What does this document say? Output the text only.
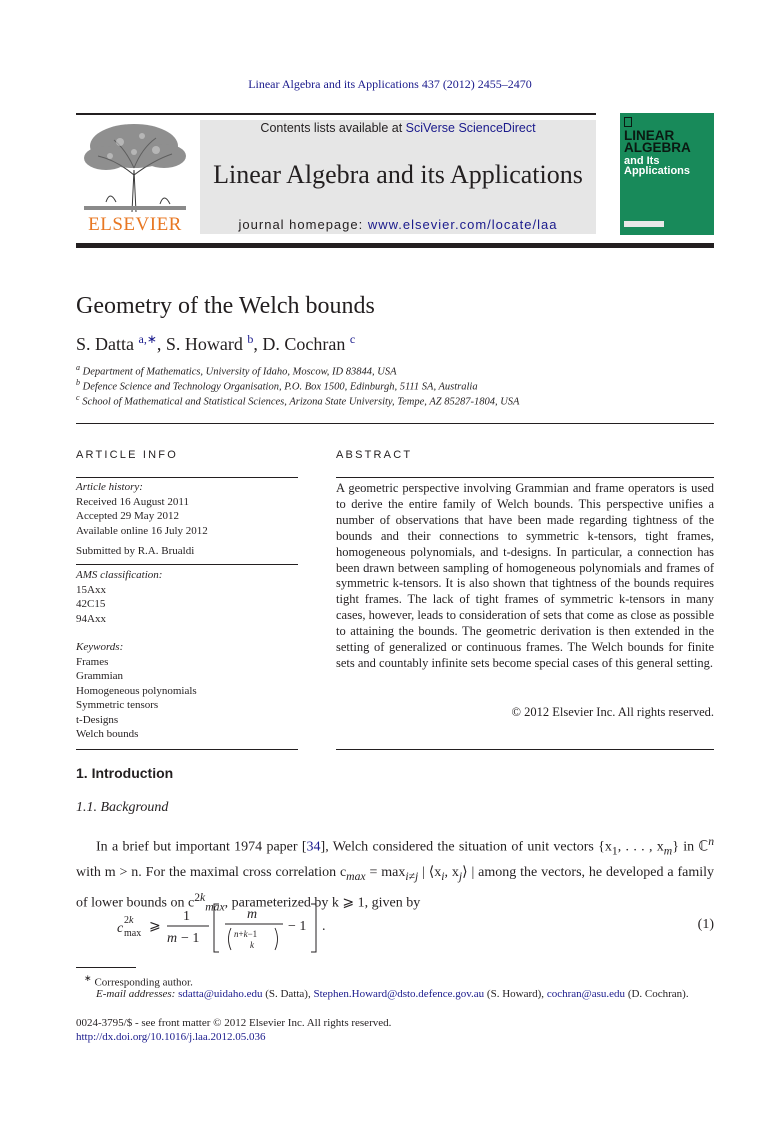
Linear Algebra and its Applications 437 (2012) 2455–2470
ELSEVIER
Contents lists available at SciVerse ScienceDirect
Linear Algebra and its Applications
journal homepage: www.elsevier.com/locate/laa
LINEAR
ALGEBRA
and Its
Applications
Geometry of the Welch bounds
S. Datta $^{a,∗}$, S. Howard $^b$, D. Cochran $^c$
$^a$ Department of Mathematics, University of Idaho, Moscow, ID 83844, USA
$^b$ Defence Science and Technology Organisation, P.O. Box 1500, Edinburgh, 5111 SA, Australia
$^c$ School of Mathematical and Statistical Sciences, Arizona State University, Tempe, AZ 85287-1804, USA
ARTICLE INFO
Article history:
Received 16 August 2011
Accepted 29 May 2012
Available online 16 July 2012
Submitted by R.A. Brualdi
AMS classification:
15Axx
42C15
94Axx
Keywords:
Frames
Grammian
Homogeneous polynomials
Symmetric tensors
t-Designs
Welch bounds
ABSTRACT
A geometric perspective involving Grammian and frame operators is used to derive the entire family of Welch bounds. This perspective unifies a number of observations that have been made regarding tightness of the bounds and their connections to symmetric k-tensors, tight frames, homogeneous polynomials, and t-designs. In particular, a connection has been drawn between sampling of homogeneous polynomials and frames of symmetric k-tensors. It is also shown that tightness of the bounds requires tight frames. The lack of tight frames of symmetric k-tensors in many cases, however, leads to consideration of sets that come as close as possible to attaining the bounds. The geometric derivation is then extended in the setting of generalized or continuous frames. The Welch bounds for finite sets and countably infinite sets become special cases of this general setting.
© 2012 Elsevier Inc. All rights reserved.
1. Introduction
1.1. Background
In a brief but important 1974 paper [34], Welch considered the situation of unit vectors {$x_1$, . . . , $x_m$} in ℂ$^n$ with m > n. For the maximal cross correlation $c_{max} = \max_{i\ne j}$ | $⟨x_i$, $x_j⟩$ | among the vectors, he developed a family of lower bounds on $c^{2k}_{max}$, parameterized by k ⩾ 1, given by
c
2k
max ⩾
1
m − 1
m
n+k−1
k
− 1 .	(1)
∗ Corresponding author.
E-mail addresses: sdatta@uidaho.edu (S. Datta), Stephen.Howard@dsto.defence.gov.au (S. Howard), cochran@asu.edu (D. Cochran).
0024-3795/$ - see front matter © 2012 Elsevier Inc. All rights reserved.
http://dx.doi.org/10.1016/j.laa.2012.05.036
